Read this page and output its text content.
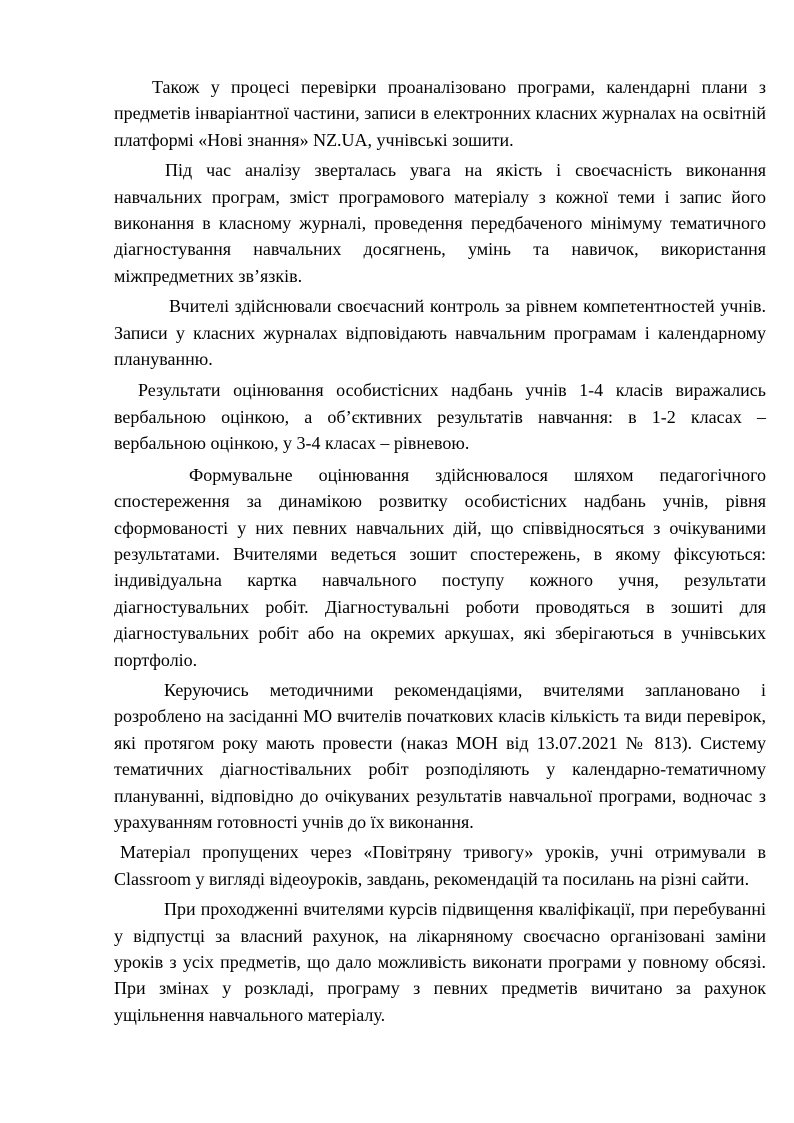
Також у процесі перевірки проаналізовано програми, календарні плани з предметів інваріантної частини, записи в електронних класних журналах на освітній платформі «Нові знання» NZ.UA, учнівські зошити.

Під час аналізу зверталась увага на якість і своєчасність виконання навчальних програм, зміст програмового матеріалу з кожної теми і запис його виконання в класному журналі, проведення передбаченого мінімуму тематичного діагностування навчальних досягнень, умінь та навичок, використання міжпредметних зв’язків.

Вчителі здійснювали своєчасний контроль за рівнем компетентностей учнів. Записи у класних журналах відповідають навчальним програмам і календарному плануванню.

Результати оцінювання особистісних надбань учнів 1-4 класів виражались вербальною оцінкою, а об’єктивних результатів навчання: в 1-2 класах – вербальною оцінкою, у 3-4 класах – рівневою.

Формувальне оцінювання здійснювалося шляхом педагогічного спостереження за динамікою розвитку особистісних надбань учнів, рівня сформованості у них певних навчальних дій, що співвідносяться з очікуваними результатами. Вчителями ведеться зошит спостережень, в якому фіксуються: індивідуальна картка навчального поступу кожного учня, результати діагностувальних робіт. Діагностувальні роботи проводяться в зошиті для діагностувальних робіт або на окремих аркушах, які зберігаються в учнівських портфоліо.

Керуючись методичними рекомендаціями, вчителями заплановано і розроблено на засіданні МО вчителів початкових класів кількість та види перевірок, які протягом року мають провести (наказ МОН від 13.07.2021 № 813). Систему тематичних діагностівальних робіт розподіляють у календарно-тематичному плануванні, відповідно до очікуваних результатів навчальної програми, водночас з урахуванням готовності учнів до їх виконання.

Матеріал пропущених через «Повітряну тривогу» уроків, учні отримували в Classroom у вигляді відеоуроків, завдань, рекомендацій та посилань на різні сайти.

При проходженні вчителями курсів підвищення кваліфікації, при перебуванні у відпустці за власний рахунок, на лікарняному своєчасно організовані заміни уроків з усіх предметів, що дало можливість виконати програми у повному обсязі. При змінах у розкладі, програму з певних предметів вичитано за рахунок ущільнення навчального матеріалу.
